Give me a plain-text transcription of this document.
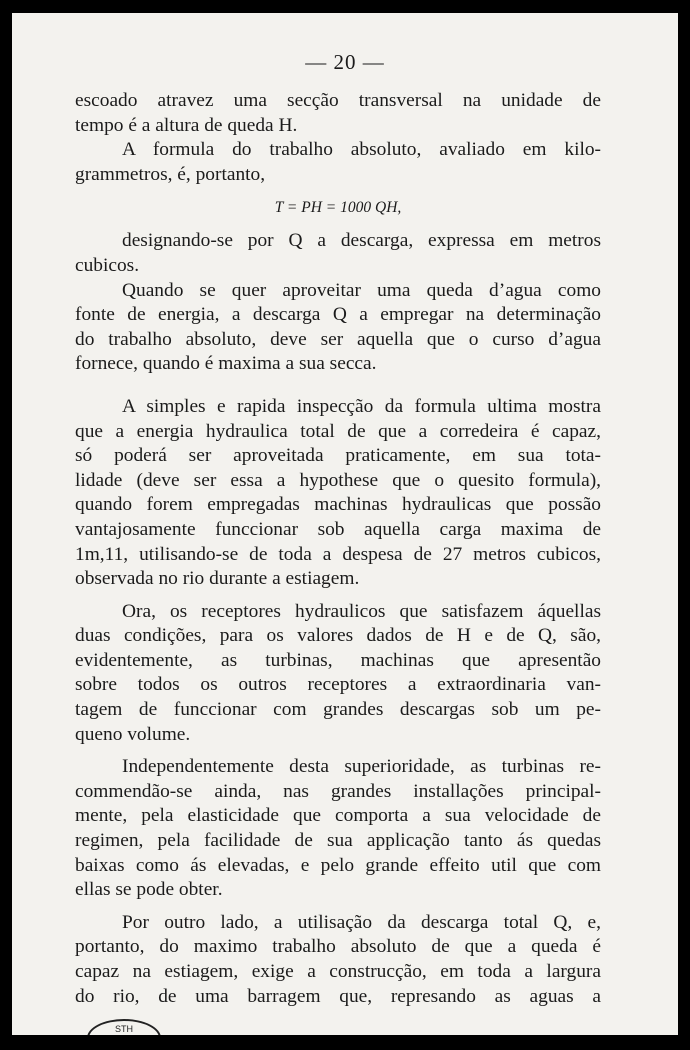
— 20 —
escoado atravez uma secção transversal na unidade de
tempo é a altura de queda H.
A formula do trabalho absoluto, avaliado em kilo-
grammetros, é, portanto,
T = PH = 1000 QH,
designando-se por Q a descarga, expressa em metros
cubicos.
Quando se quer aproveitar uma queda d’agua como
fonte de energia, a descarga Q a empregar na determinação
do trabalho absoluto, deve ser aquella que o curso d’agua
fornece, quando é maxima a sua secca.
A simples e rapida inspecção da formula ultima mostra
que a energia hydraulica total de que a corredeira é capaz,
só poderá ser aproveitada praticamente, em sua tota-
lidade (deve ser essa a hypothese que o quesito formula),
quando forem empregadas machinas hydraulicas que possão
vantajosamente funccionar sob aquella carga maxima de
1m,11, utilisando-se de toda a despesa de 27 metros cubicos,
observada no rio durante a estiagem.
Ora, os receptores hydraulicos que satisfazem áquellas
duas condições, para os valores dados de H e de Q, são,
evidentemente, as turbinas, machinas que apresentão
sobre todos os outros receptores a extraordinaria van-
tagem de funccionar com grandes descargas sob um pe-
queno volume.
Independentemente desta superioridade, as turbinas re-
commendão-se ainda, nas grandes installações principal-
mente, pela elasticidade que comporta a sua velocidade de
regimen, pela facilidade de sua applicação tanto ás quedas
baixas como ás elevadas, e pelo grande effeito util que com
ellas se pode obter.
Por outro lado, a utilisação da descarga total Q, e,
portanto, do maximo trabalho absoluto de que a queda é
capaz na estiagem, exige a construcção, em toda a largura
do rio, de uma barragem que, represando as aguas a
STH
